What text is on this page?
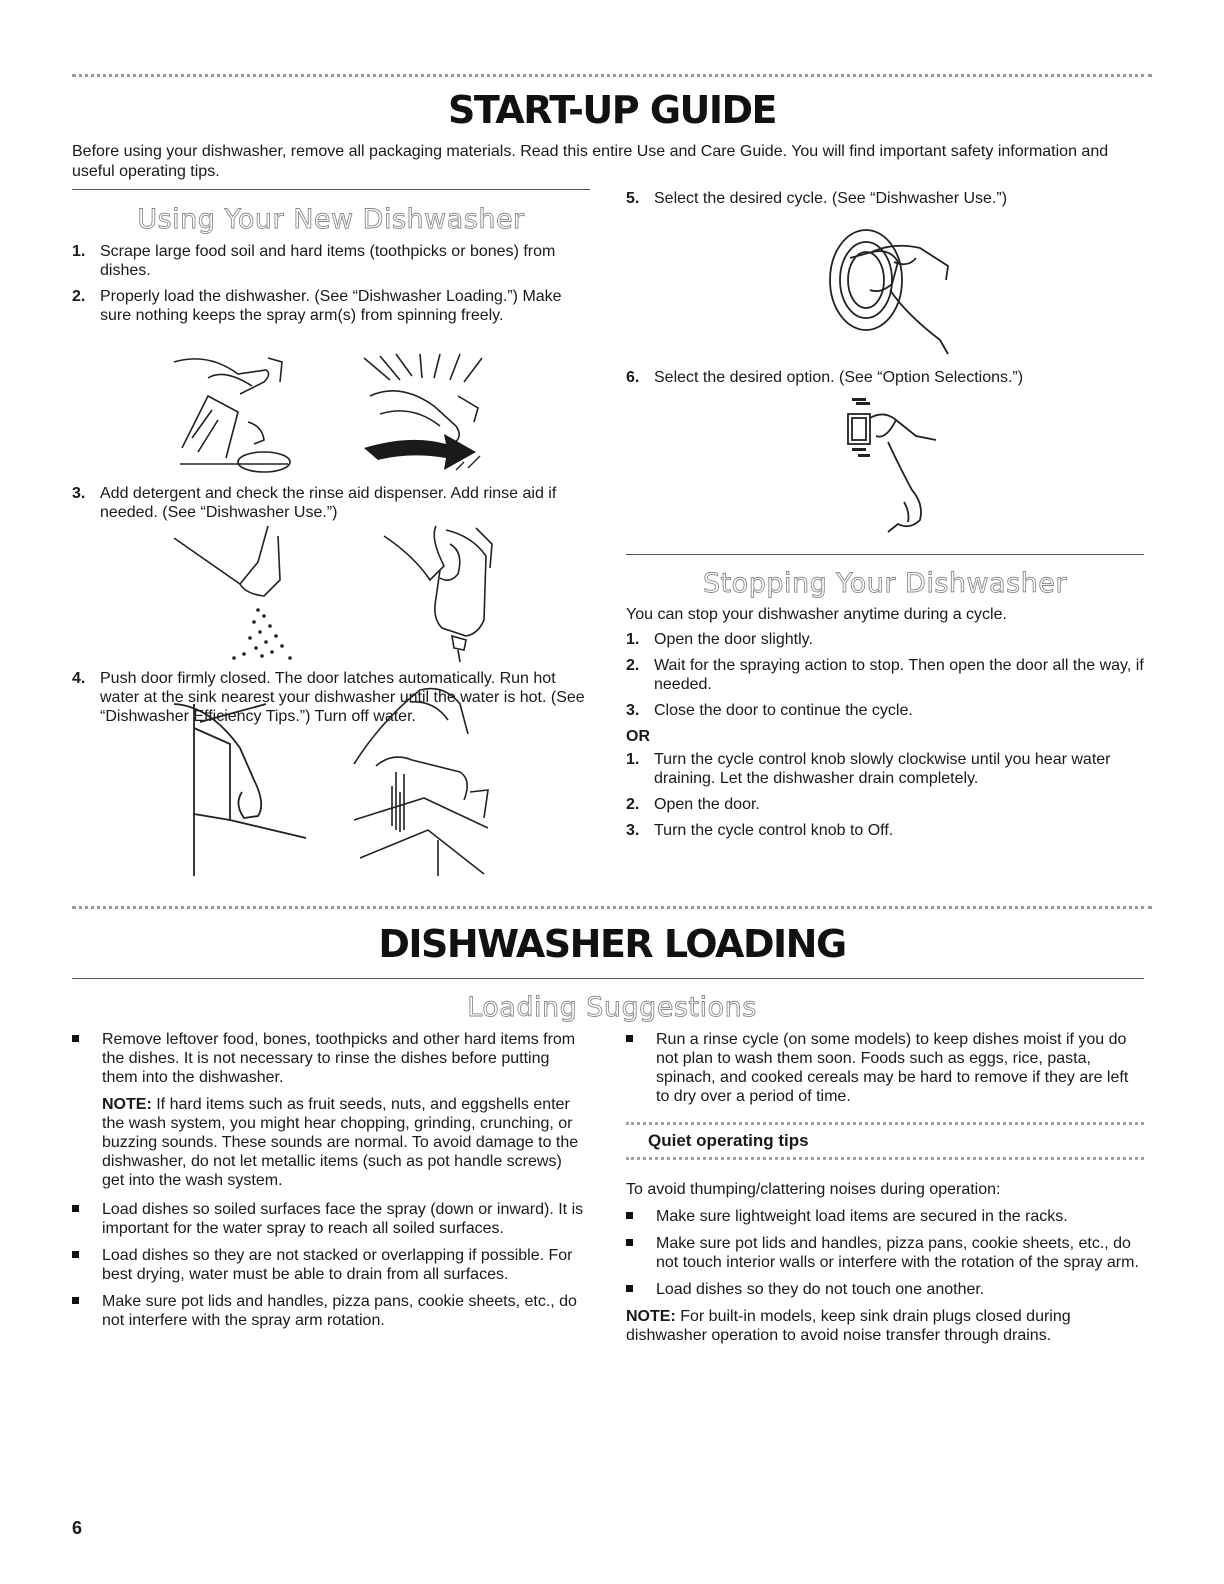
START-UP GUIDE
Before using your dishwasher, remove all packaging materials. Read this entire Use and Care Guide. You will find important safety information and useful operating tips.
Using Your New Dishwasher
1. Scrape large food soil and hard items (toothpicks or bones) from dishes.
2. Properly load the dishwasher. (See “Dishwasher Loading.”) Make sure nothing keeps the spray arm(s) from spinning freely.
3. Add detergent and check the rinse aid dispenser. Add rinse aid if needed. (See “Dishwasher Use.”)
4. Push door firmly closed. The door latches automatically. Run hot water at the sink nearest your dishwasher until the water is hot. (See “Dishwasher Efficiency Tips.”) Turn off water.
5. Select the desired cycle. (See “Dishwasher Use.”)
6. Select the desired option. (See “Option Selections.”)
Stopping Your Dishwasher
You can stop your dishwasher anytime during a cycle.
1. Open the door slightly.
2. Wait for the spraying action to stop. Then open the door all the way, if needed.
3. Close the door to continue the cycle.
OR
1. Turn the cycle control knob slowly clockwise until you hear water draining. Let the dishwasher drain completely.
2. Open the door.
3. Turn the cycle control knob to Off.
DISHWASHER LOADING
Loading Suggestions
Remove leftover food, bones, toothpicks and other hard items from the dishes. It is not necessary to rinse the dishes before putting them into the dishwasher.
NOTE: If hard items such as fruit seeds, nuts, and eggshells enter the wash system, you might hear chopping, grinding, crunching, or buzzing sounds. These sounds are normal. To avoid damage to the dishwasher, do not let metallic items (such as pot handle screws) get into the wash system.
Load dishes so soiled surfaces face the spray (down or inward). It is important for the water spray to reach all soiled surfaces.
Load dishes so they are not stacked or overlapping if possible. For best drying, water must be able to drain from all surfaces.
Make sure pot lids and handles, pizza pans, cookie sheets, etc., do not interfere with the spray arm rotation.
Run a rinse cycle (on some models) to keep dishes moist if you do not plan to wash them soon. Foods such as eggs, rice, pasta, spinach, and cooked cereals may be hard to remove if they are left to dry over a period of time.
Quiet operating tips
To avoid thumping/clattering noises during operation:
Make sure lightweight load items are secured in the racks.
Make sure pot lids and handles, pizza pans, cookie sheets, etc., do not touch interior walls or interfere with the rotation of the spray arm.
Load dishes so they do not touch one another.
NOTE: For built-in models, keep sink drain plugs closed during dishwasher operation to avoid noise transfer through drains.
6
